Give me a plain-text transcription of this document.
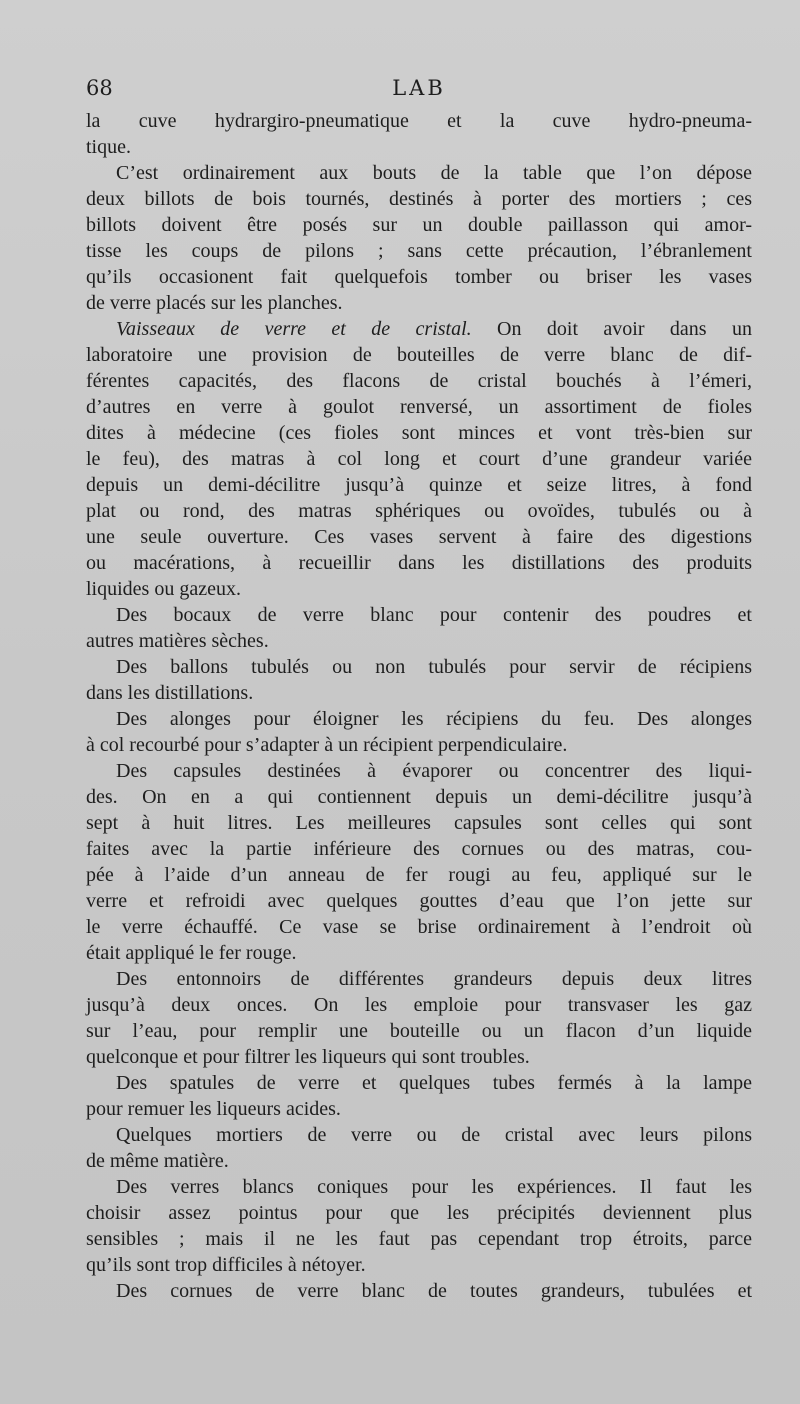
68	LAB
la cuve hydrargiro-pneumatique et la cuve hydro-pneuma-
tique.
C’est ordinairement aux bouts de la table que l’on dépose
deux billots de bois tournés, destinés à porter des mortiers ; ces
billots doivent être posés sur un double paillasson qui amor-
tisse les coups de pilons ; sans cette précaution, l’ébranlement
qu’ils occasionent fait quelquefois tomber ou briser les vases
de verre placés sur les planches.
Vaisseaux de verre et de cristal. On doit avoir dans un
laboratoire une provision de bouteilles de verre blanc de dif-
férentes capacités, des flacons de cristal bouchés à l’émeri,
d’autres en verre à goulot renversé, un assortiment de fioles
dites à médecine (ces fioles sont minces et vont très-bien sur
le feu), des matras à col long et court d’une grandeur variée
depuis un demi-décilitre jusqu’à quinze et seize litres, à fond
plat ou rond, des matras sphériques ou ovoïdes, tubulés ou à
une seule ouverture. Ces vases servent à faire des digestions
ou macérations, à recueillir dans les distillations des produits
liquides ou gazeux.
Des bocaux de verre blanc pour contenir des poudres et
autres matières sèches.
Des ballons tubulés ou non tubulés pour servir de récipiens
dans les distillations.
Des alonges pour éloigner les récipiens du feu. Des alonges
à col recourbé pour s’adapter à un récipient perpendiculaire.
Des capsules destinées à évaporer ou concentrer des liqui-
des. On en a qui contiennent depuis un demi-décilitre jusqu’à
sept à huit litres. Les meilleures capsules sont celles qui sont
faites avec la partie inférieure des cornues ou des matras, cou-
pée à l’aide d’un anneau de fer rougi au feu, appliqué sur le
verre et refroidi avec quelques gouttes d’eau que l’on jette sur
le verre échauffé. Ce vase se brise ordinairement à l’endroit où
était appliqué le fer rouge.
Des entonnoirs de différentes grandeurs depuis deux litres
jusqu’à deux onces. On les emploie pour transvaser les gaz
sur l’eau, pour remplir une bouteille ou un flacon d’un liquide
quelconque et pour filtrer les liqueurs qui sont troubles.
Des spatules de verre et quelques tubes fermés à la lampe
pour remuer les liqueurs acides.
Quelques mortiers de verre ou de cristal avec leurs pilons
de même matière.
Des verres blancs coniques pour les expériences. Il faut les
choisir assez pointus pour que les précipités deviennent plus
sensibles ; mais il ne les faut pas cependant trop étroits, parce
qu’ils sont trop difficiles à nétoyer.
Des cornues de verre blanc de toutes grandeurs, tubulées et
